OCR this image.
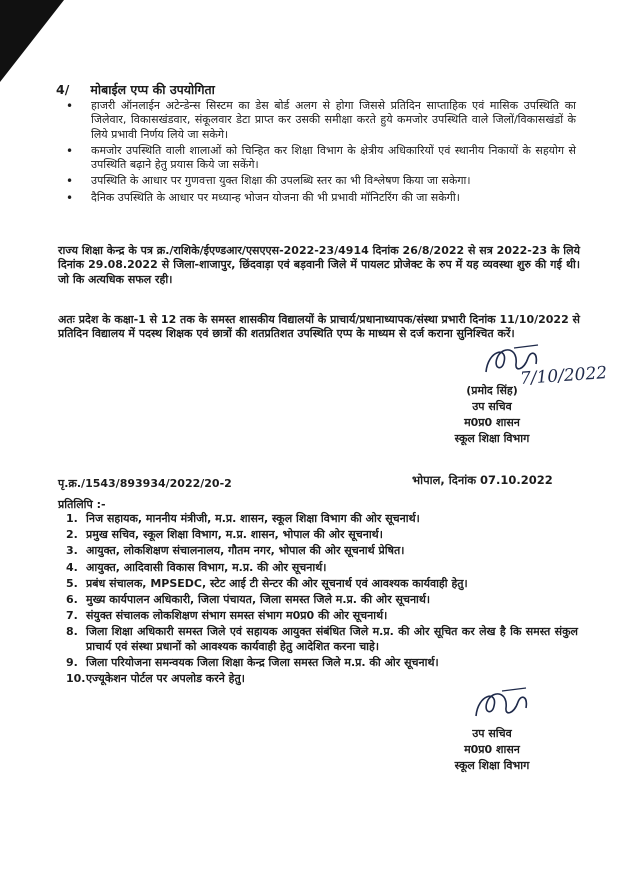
4/ मोबाईल एप्प की उपयोगिता
• हाजरी ऑनलाईन अटेन्डेन्स सिस्टम का डेस बोर्ड अलग से होगा जिससे प्रतिदिन साप्ताहिक एवं मासिक उपस्थिति का जिलेवार, विकासखंडवार, संकूलवार डेटा प्राप्त कर उसकी समीक्षा करते हुये कमजोर उपस्थिति वाले जिलों/विकासखंडों के लिये प्रभावी निर्णय लिये जा सकेगे।
• कमजोर उपस्थिति वाली शालाओं को चिन्हित कर शिक्षा विभाग के क्षेत्रीय अधिकारियों एवं स्थानीय निकायों के सहयोग से उपस्थिति बढ़ाने हेतु प्रयास किये जा सकेंगे।
• उपस्थिति के आधार पर गुणवत्ता युक्त शिक्षा की उपलब्धि स्तर का भी विश्लेषण किया जा सकेगा।
• दैनिक उपस्थिति के आधार पर मध्यान्ह भोजन योजना की भी प्रभावी मॉनिटरिंग की जा सकेगी।
राज्य शिक्षा केन्द्र के पत्र क्र./राशिके/ईएण्डआर/एसएएस-2022-23/4914 दिनांक 26/8/2022 से सत्र 2022-23 के लिये दिनांक 29.08.2022 से जिला-शाजापुर, छिंदवाड़ा एवं बड़वानी जिले में पायलट प्रोजेक्ट के रुप में यह व्यवस्था शुरु की गई थी। जो कि अत्यधिक सफल रही।
अतः प्रदेश के कक्षा-1 से 12 तक के समस्त शासकीय विद्यालयों के प्राचार्य/प्रधानाध्यापक/संस्था प्रभारी दिनांक 11/10/2022 से प्रतिदिन विद्यालय में पदस्थ शिक्षक एवं छात्रों की शतप्रतिशत उपस्थिति एप्प के माध्यम से दर्ज कराना सुनिश्चित करें।
7/10/2022
(प्रमोद सिंह)
उप सचिव
म0प्र0 शासन
स्कूल शिक्षा विभाग
पृ.क्र./1543/893934/2022/20-2	भोपाल, दिनांक 07.10.2022
प्रतिलिपि :-
1. निज सहायक, माननीय मंत्रीजी, म.प्र. शासन, स्कूल शिक्षा विभाग की ओर सूचनार्थ।
2. प्रमुख सचिव, स्कूल शिक्षा विभाग, म.प्र. शासन, भोपाल की ओर सूचनार्थ।
3. आयुक्त, लोकशिक्षण संचालनालय, गौतम नगर, भोपाल की ओर सूचनार्थ प्रेषित।
4. आयुक्त, आदिवासी विकास विभाग, म.प्र. की ओर सूचनार्थ।
5. प्रबंध संचालक, MPSEDC, स्टेट आई टी सेन्टर की ओर सूचनार्थ एवं आवश्यक कार्यवाही हेतु।
6. मुख्य कार्यपालन अधिकारी, जिला पंचायत, जिला समस्त जिले म.प्र. की ओर सूचनार्थ।
7. संयुक्त संचालक लोकशिक्षण संभाग समस्त संभाग म0प्र0 की ओर सूचनार्थ।
8. जिला शिक्षा अधिकारी समस्त जिले एवं सहायक आयुक्त संबंधित जिले म.प्र. की ओर सूचित कर लेख है कि समस्त संकुल प्राचार्य एवं संस्था प्रधानों को आवश्यक कार्यवाही हेतु आदेशित करना चाहे।
9. जिला परियोजना समन्वयक जिला शिक्षा केन्द्र जिला समस्त जिले म.प्र. की ओर सूचनार्थ।
10. एज्यूकेशन पोर्टल पर अपलोड करने हेतु।
उप सचिव
म0प्र0 शासन
स्कूल शिक्षा विभाग
